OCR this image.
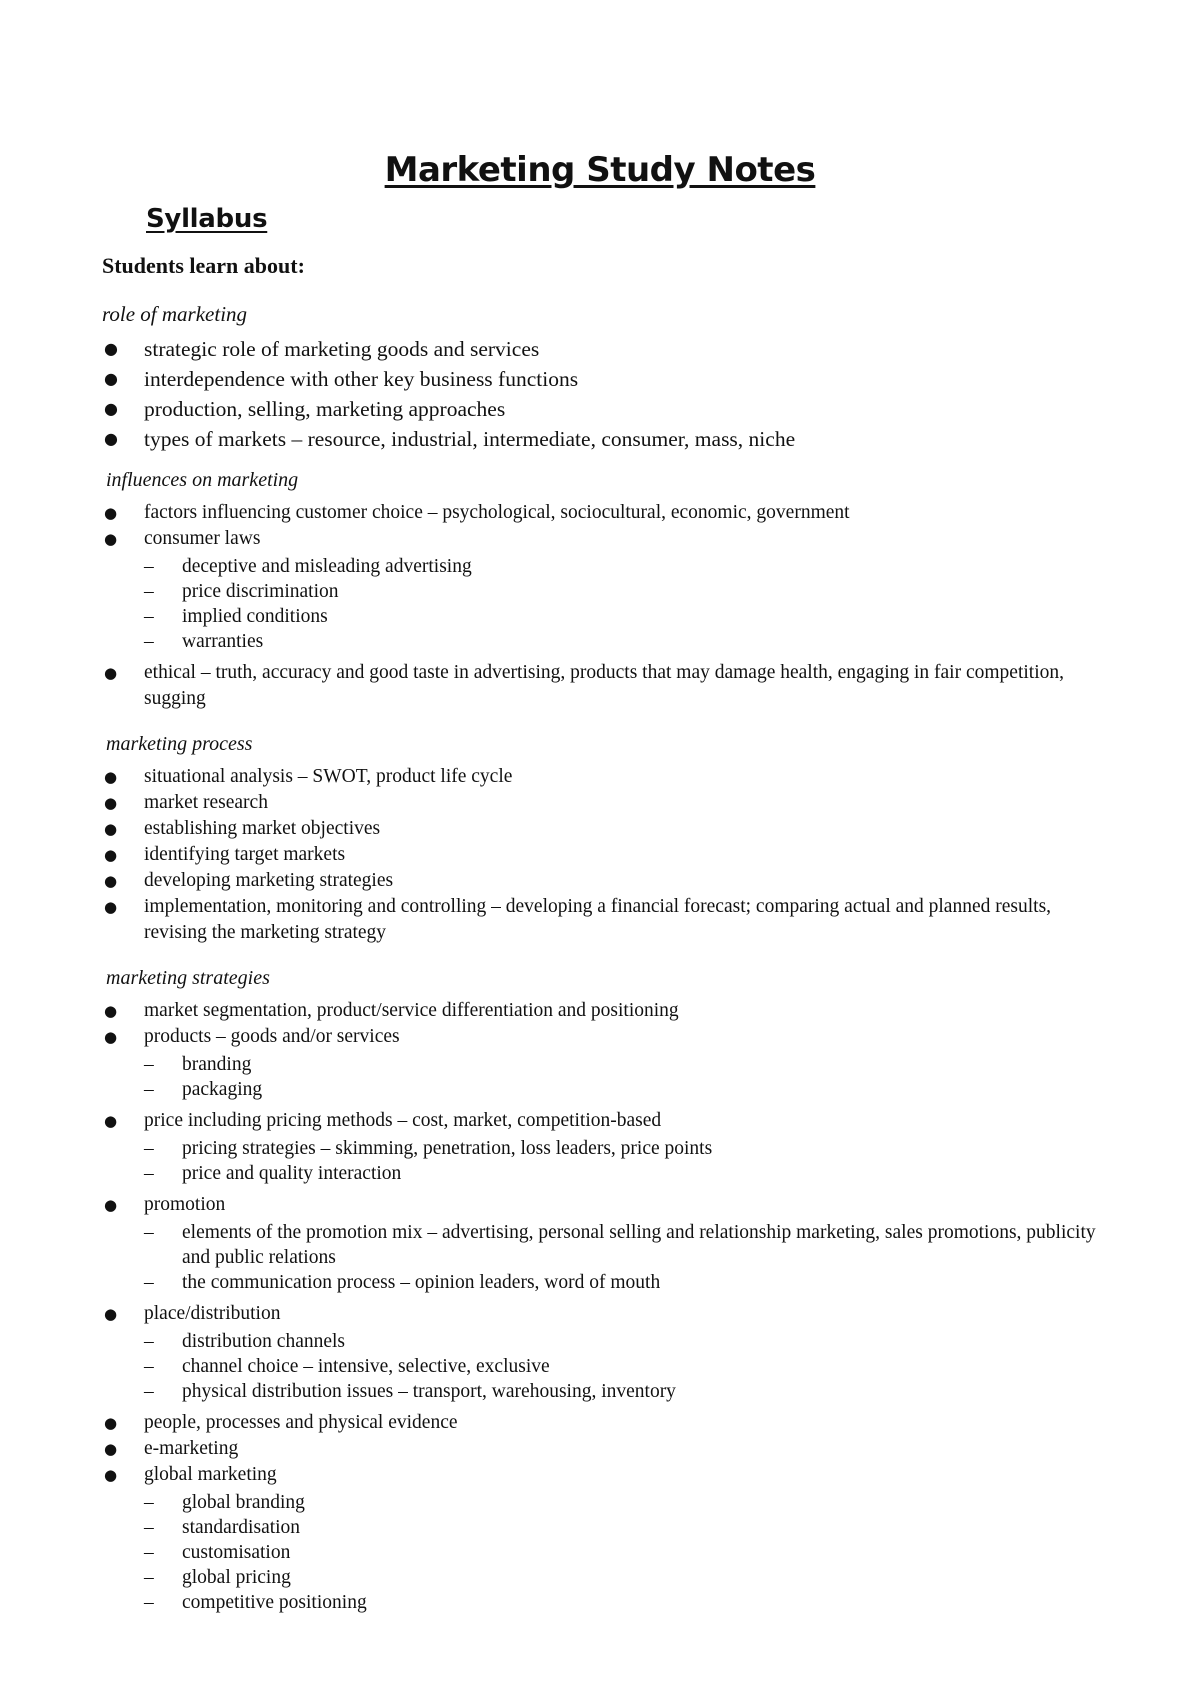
Marketing Study Notes
Syllabus
Students learn about:
role of marketing
● strategic role of marketing goods and services
● interdependence with other key business functions
● production, selling, marketing approaches
● types of markets – resource, industrial, intermediate, consumer, mass, niche
influences on marketing
● factors influencing customer choice – psychological, sociocultural, economic, government
● consumer laws
– deceptive and misleading advertising
– price discrimination
– implied conditions
– warranties
● ethical – truth, accuracy and good taste in advertising, products that may damage health, engaging in fair competition, sugging
marketing process
● situational analysis – SWOT, product life cycle
● market research
● establishing market objectives
● identifying target markets
● developing marketing strategies
● implementation, monitoring and controlling – developing a financial forecast; comparing actual and planned results, revising the marketing strategy
marketing strategies
● market segmentation, product/service differentiation and positioning
● products – goods and/or services
– branding
– packaging
● price including pricing methods – cost, market, competition-based
– pricing strategies – skimming, penetration, loss leaders, price points
– price and quality interaction
● promotion
– elements of the promotion mix – advertising, personal selling and relationship marketing, sales promotions, publicity and public relations
– the communication process – opinion leaders, word of mouth
● place/distribution
– distribution channels
– channel choice – intensive, selective, exclusive
– physical distribution issues – transport, warehousing, inventory
● people, processes and physical evidence
● e-marketing
● global marketing
– global branding
– standardisation
– customisation
– global pricing
– competitive positioning
